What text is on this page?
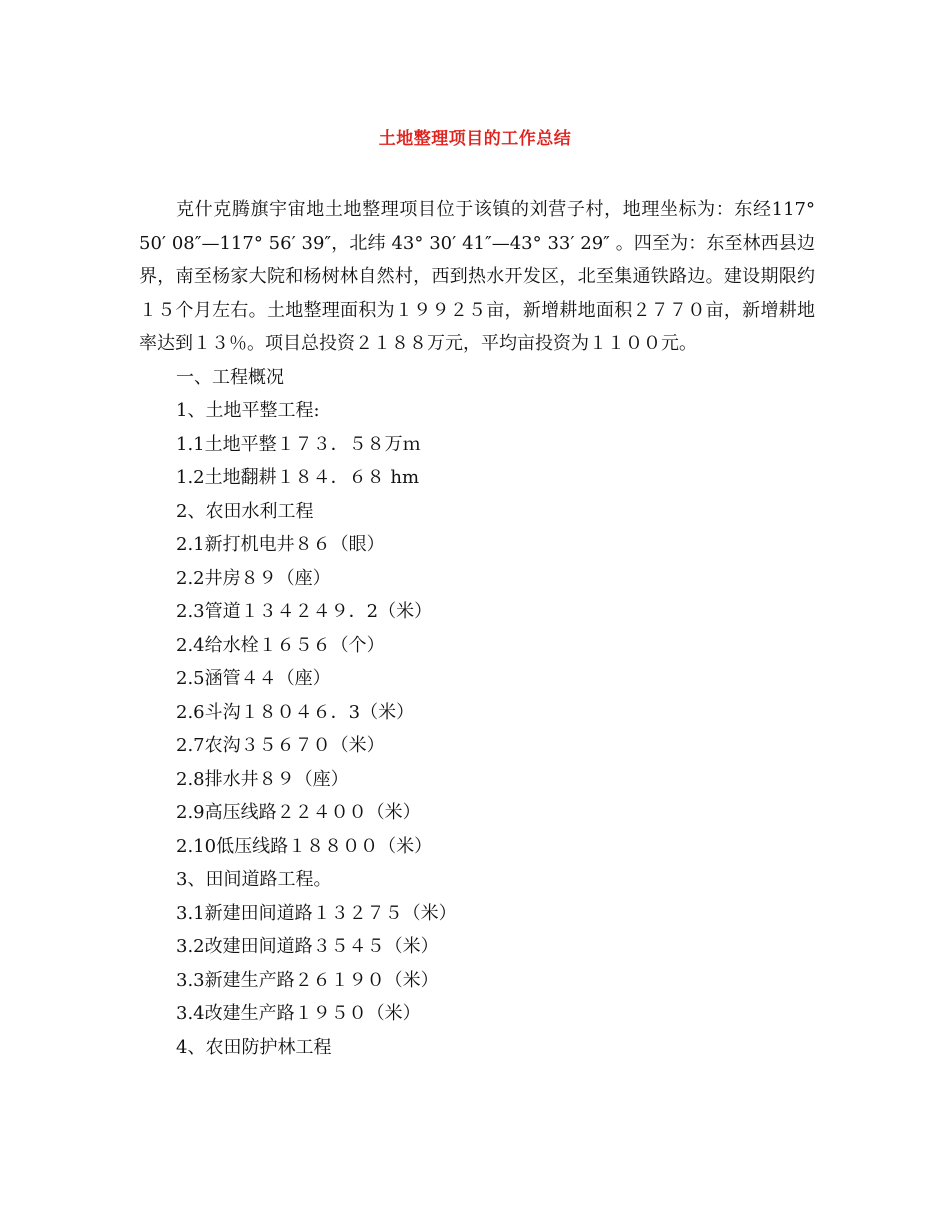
土地整理项目的工作总结

克什克腾旗宇宙地土地整理项目位于该镇的刘营子村，地理坐标为：东经117° 50′ 08″—117° 56′ 39″，北纬 43° 30′ 41″—43° 33′ 29″ 。四至为：东至林西县边界，南至杨家大院和杨树林自然村，西到热水开发区，北至集通铁路边。建设期限约１５个月左右。土地整理面积为１９９２５亩，新增耕地面积２７７０亩，新增耕地率达到１３％。项目总投资２１８８万元，平均亩投资为１１００元。

一、工程概况
1、土地平整工程:
1.1土地平整１７３．５８万ｍ
1.2土地翻耕１８４．６８ hm
2、农田水利工程
2.1新打机电井８６（眼）
2.2井房８９（座）
2.3管道１３４２４９．2（米）
2.4给水栓１６５６（个）
2.5涵管４４（座）
2.6斗沟１８０４６．3（米）
2.7农沟３５６７０（米）
2.8排水井８９（座）
2.9高压线路２２４００（米）
2.10低压线路１８８００（米）
3、田间道路工程。
3.1新建田间道路１３２７５（米）
3.2改建田间道路３５４５（米）
3.3新建生产路２６１９０（米）
3.4改建生产路１９５０（米）
4、农田防护林工程
